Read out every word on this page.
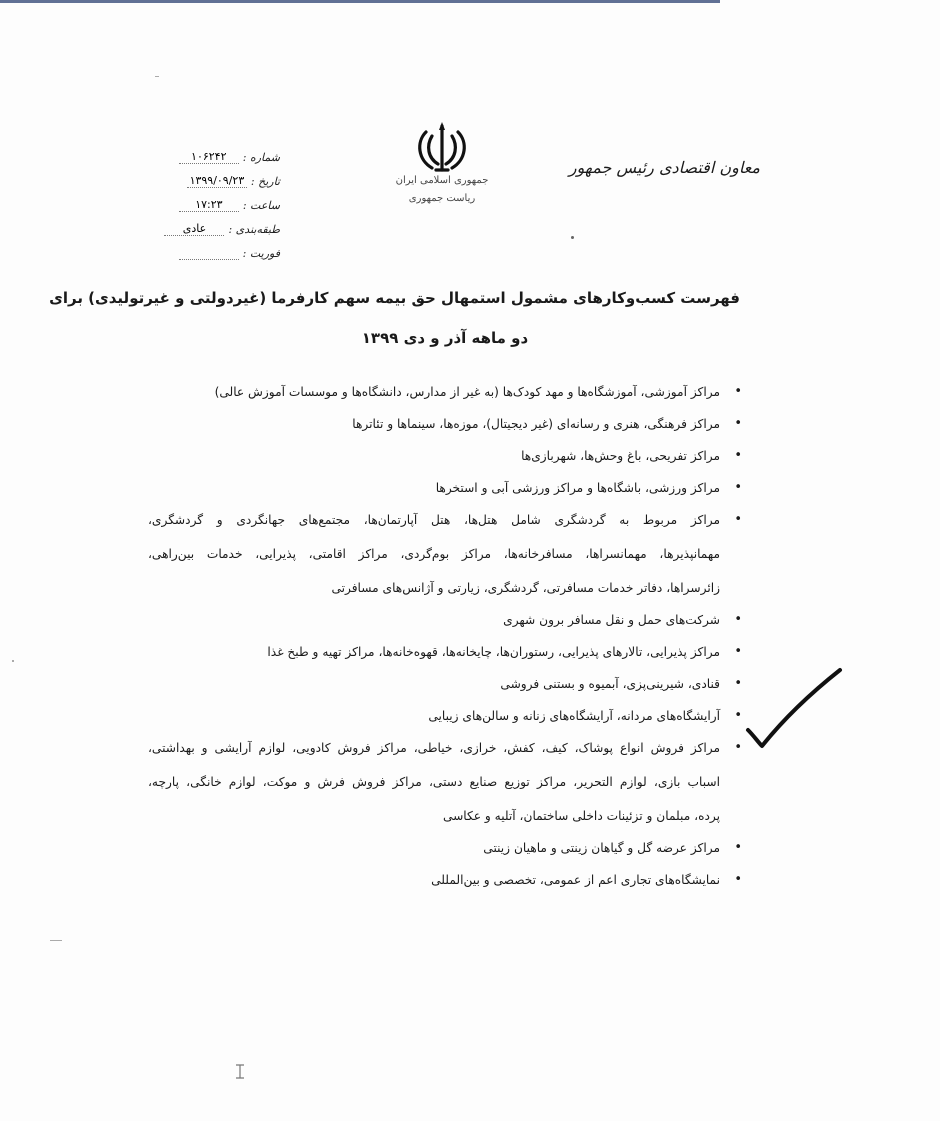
جمهوری اسلامی ایران
ریاست جمهوری
معاون اقتصادی رئیس جمهور
شماره :
۱۰۶۲۴۲
تاریخ :
۱۳۹۹/۰۹/۲۳
ساعت :
۱۷:۲۳
طبقه‌بندی :
عادی
فوریت :
فهرست کسب‌وکارهای مشمول استمهال حق بیمه سهم کارفرما (غیردولتی و غیرتولیدی) برای
دو ماهه آذر و دی ۱۳۹۹
•
مراکز آموزشی، آموزشگاه‌ها و مهد کودک‌ها (به غیر از مدارس، دانشگاه‌ها و موسسات آموزش عالی)
•
مراکز فرهنگی، هنری و رسانه‌ای (غیر دیجیتال)، موزه‌ها، سینماها و تئاترها
•
مراکز تفریحی، باغ وحش‌ها، شهربازی‌ها
•
مراکز ورزشی، باشگاه‌ها و مراکز ورزشی آبی و استخرها
•
مراکز مربوط به گردشگری شامل هتل‌ها، هتل آپارتمان‌ها، مجتمع‌های جهانگردی و گردشگری،
مهمانپذیرها، مهمانسراها، مسافرخانه‌ها، مراکز بوم‌گردی، مراکز اقامتی، پذیرایی، خدمات بین‌راهی،
زائرسراها، دفاتر خدمات مسافرتی، گردشگری، زیارتی و آژانس‌های مسافرتی
•
شرکت‌های حمل و نقل مسافر برون شهری
•
مراکز پذیرایی، تالارهای پذیرایی، رستوران‌ها، چایخانه‌ها، قهوه‌خانه‌ها، مراکز تهیه و طبخ غذا
•
قنادی، شیرینی‌پزی، آبمیوه و بستنی فروشی
•
آرایشگاه‌های مردانه، آرایشگاه‌های زنانه و سالن‌های زیبایی
•
مراکز فروش انواع پوشاک، کیف، کفش، خرازی، خیاطی، مراکز فروش کادویی، لوازم آرایشی و بهداشتی،
اسباب بازی، لوازم التحریر، مراکز توزیع صنایع دستی، مراکز فروش فرش و موکت، لوازم خانگی، پارچه،
پرده، مبلمان و تزئینات داخلی ساختمان، آتلیه و عکاسی
•
مراکز عرضه گل و گیاهان زینتی و ماهیان زینتی
•
نمایشگاه‌های تجاری اعم از عمومی، تخصصی و بین‌المللی
